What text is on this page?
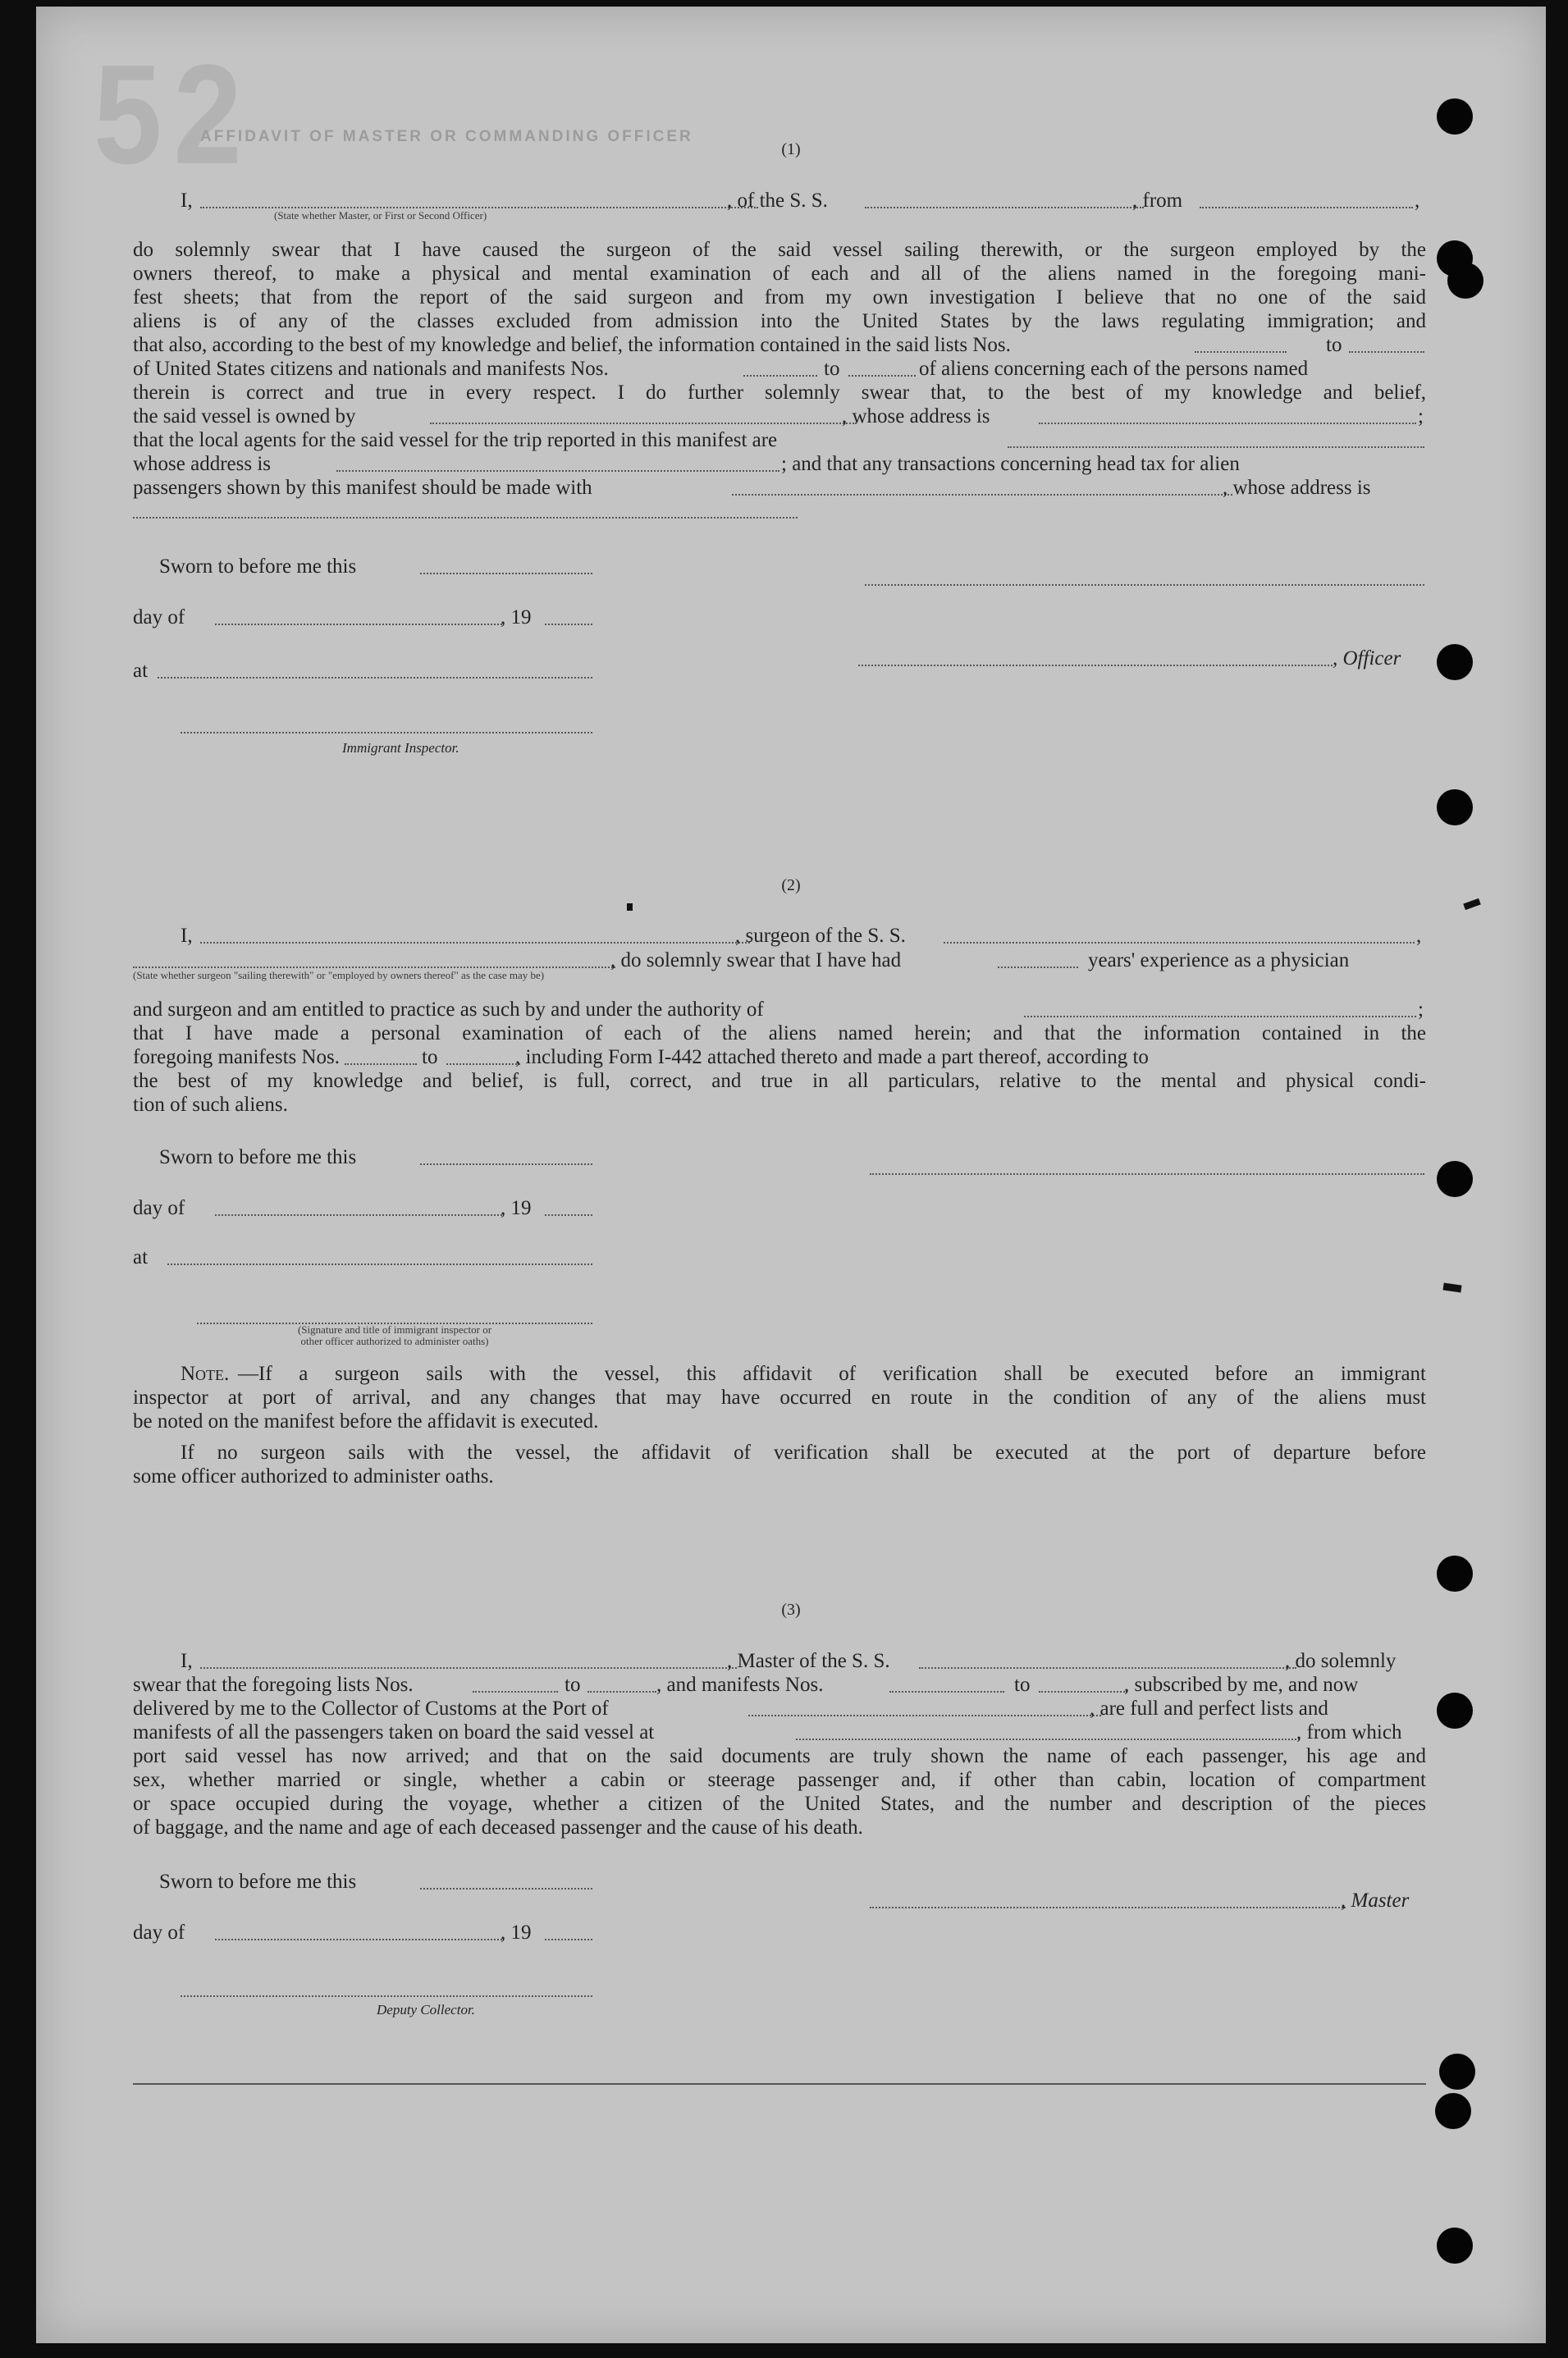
52
AFFIDAVIT OF MASTER OR COMMANDING OFFICER
(1)
I,	, of the S. S.	, from	,
(State whether Master, or First or Second Officer)
do solemnly swear that I have caused the surgeon of the said vessel sailing therewith, or the surgeon employed by the
owners thereof, to make a physical and mental examination of each and all of the aliens named in the foregoing mani-
fest sheets; that from the report of the said surgeon and from my own investigation I believe that no one of the said
aliens is of any of the classes excluded from admission into the United States by the laws regulating immigration; and
that also, according to the best of my knowledge and belief, the information contained in the said lists Nos.	to
of United States citizens and nationals and manifests Nos.	to	of aliens concerning each of the persons named
therein is correct and true in every respect. I do further solemnly swear that, to the best of my knowledge and belief,
the said vessel is owned by	, whose address is	;
that the local agents for the said vessel for the trip reported in this manifest are
whose address is	; and that any transactions concerning head tax for alien
passengers shown by this manifest should be made with	, whose address is
Sworn to before me this
day of	, 19
, Officer
at
Immigrant Inspector.
(2)
I,	, surgeon of the S. S.	,
, do solemnly swear that I have had	years' experience as a physician
(State whether surgeon "sailing therewith" or "employed by owners thereof" as the case may be)
and surgeon and am entitled to practice as such by and under the authority of	;
that I have made a personal examination of each of the aliens named herein; and that the information contained in the
foregoing manifests Nos.	to	, including Form I-442 attached thereto and made a part thereof, according to
the best of my knowledge and belief, is full, correct, and true in all particulars, relative to the mental and physical condi-
tion of such aliens.
Sworn to before me this
day of	, 19
at
(Signature and title of immigrant inspector or
other officer authorized to administer oaths)
Note. —If a surgeon sails with the vessel, this affidavit of verification shall be executed before an immigrant
inspector at port of arrival, and any changes that may have occurred en route in the condition of any of the aliens must
be noted on the manifest before the affidavit is executed.
If no surgeon sails with the vessel, the affidavit of verification shall be executed at the port of departure before
some officer authorized to administer oaths.
(3)
I,	, Master of the S. S.	, do solemnly
swear that the foregoing lists Nos.	to	, and manifests Nos.	to	, subscribed by me, and now
delivered by me to the Collector of Customs at the Port of	, are full and perfect lists and
manifests of all the passengers taken on board the said vessel at	, from which
port said vessel has now arrived; and that on the said documents are truly shown the name of each passenger, his age and
sex, whether married or single, whether a cabin or steerage passenger and, if other than cabin, location of compartment
or space occupied during the voyage, whether a citizen of the United States, and the number and description of the pieces
of baggage, and the name and age of each deceased passenger and the cause of his death.
Sworn to before me this
, Master
day of	, 19
Deputy Collector.
